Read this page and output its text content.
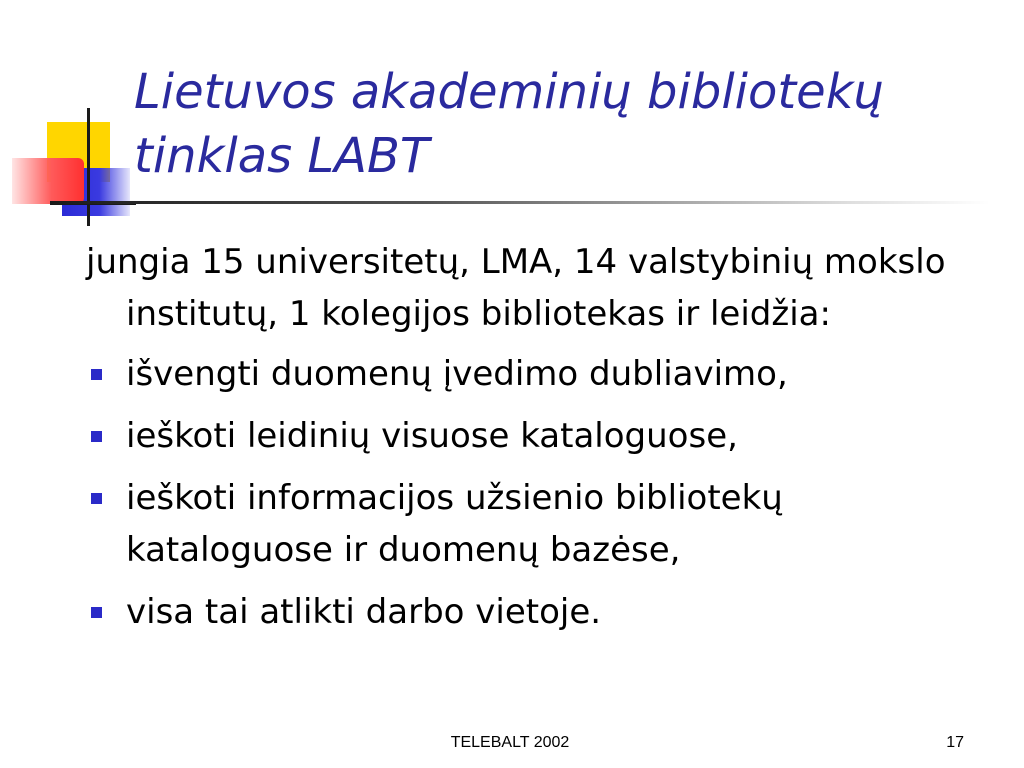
Lietuvos akademinių bibliotekų tinklas LABT

jungia 15 universitetų, LMA, 14 valstybinių mokslo institutų, 1 kolegijos bibliotekas ir leidžia:

išvengti duomenų įvedimo dubliavimo,
ieškoti leidinių visuose kataloguose,
ieškoti informacijos užsienio bibliotekų kataloguose ir duomenų bazėse,
visa tai atlikti darbo vietoje.
TELEBALT 2002	17
